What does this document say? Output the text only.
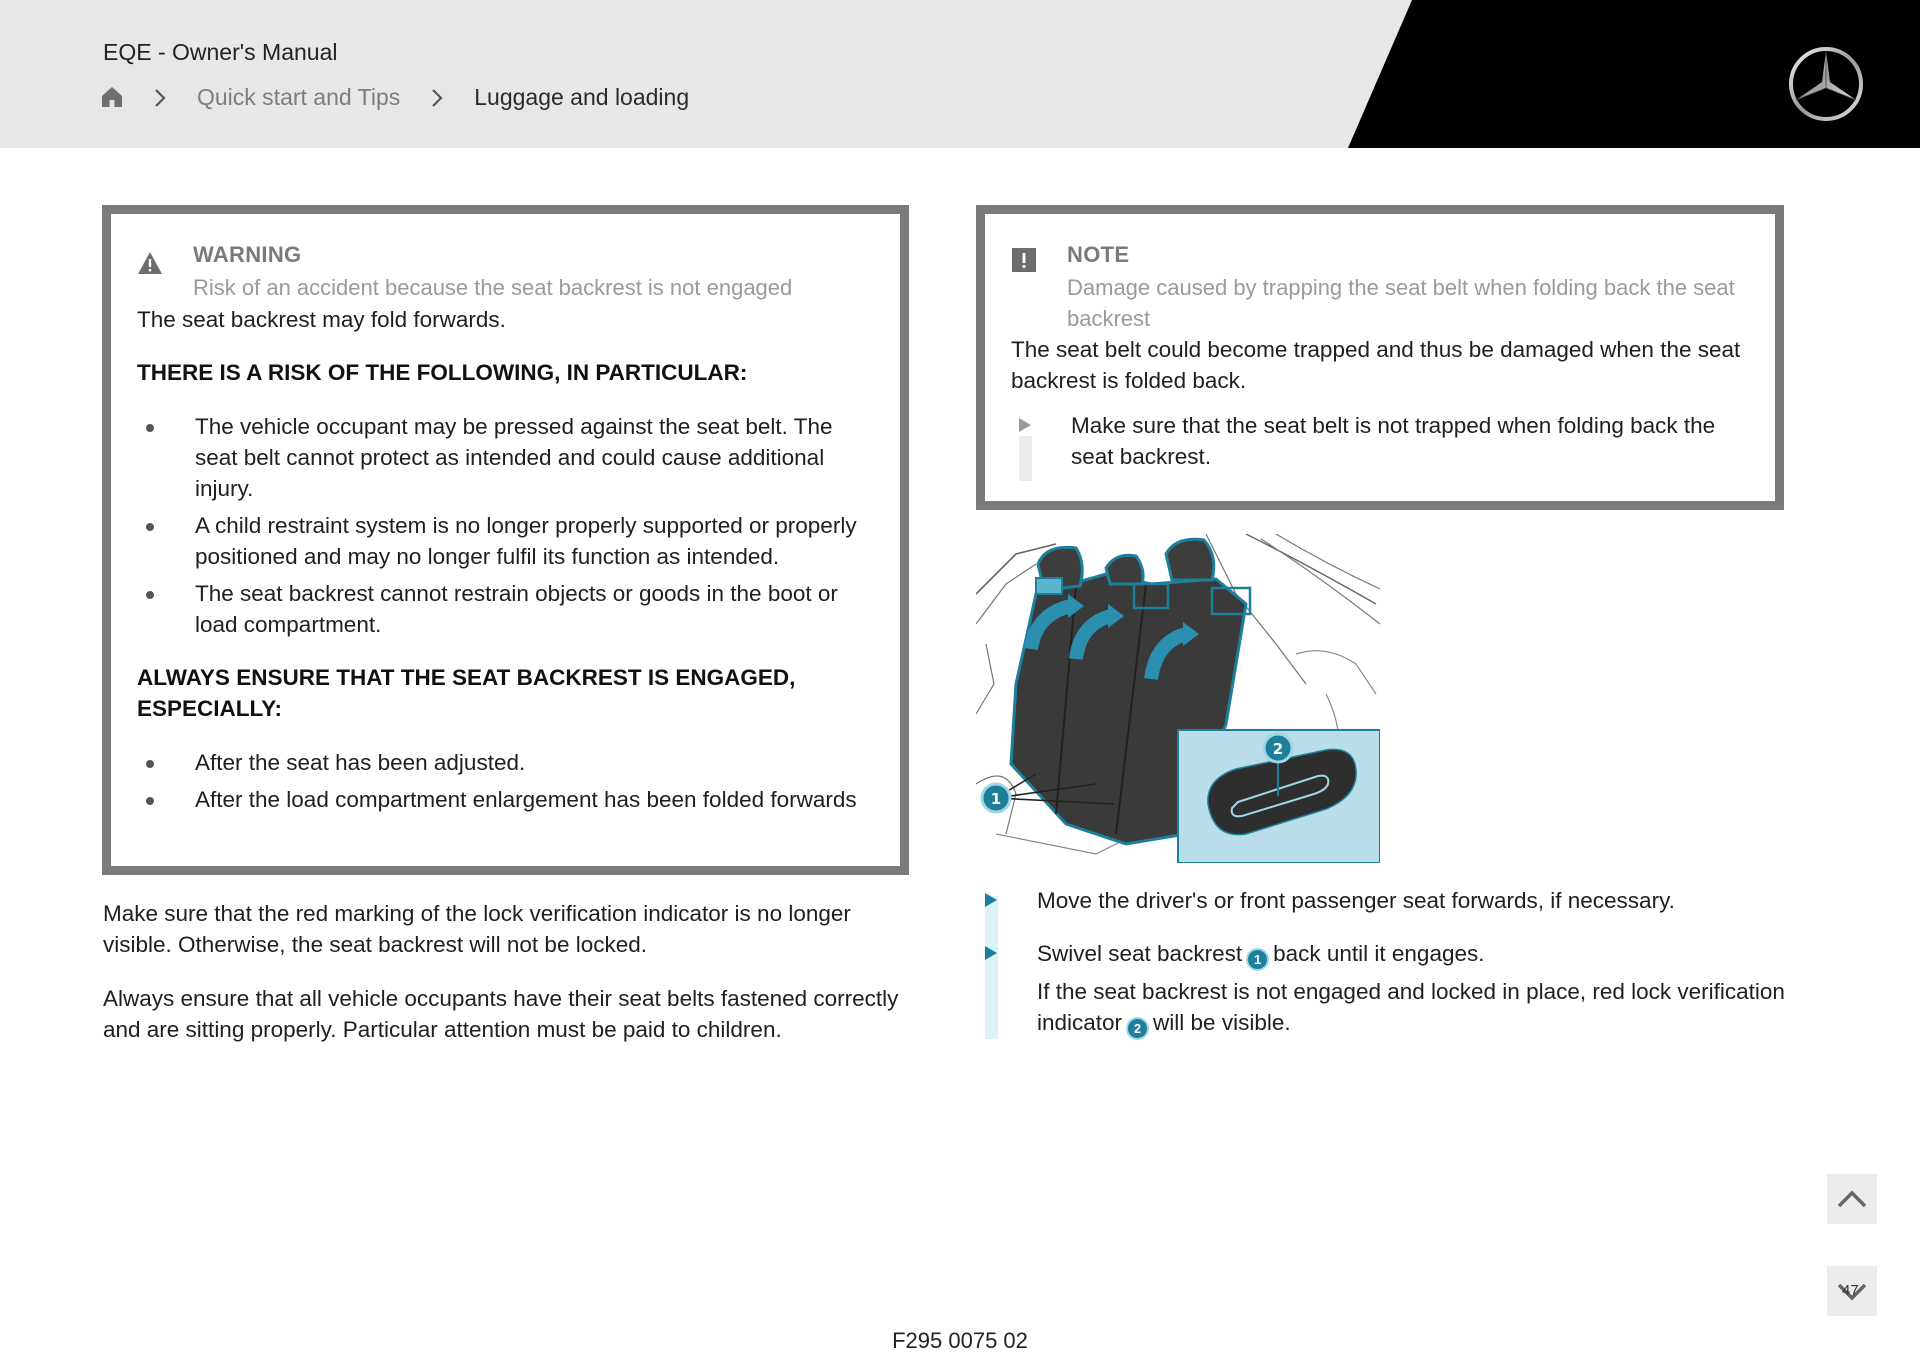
EQE - Owner's Manual
Quick start and Tips	Luggage and loading
WARNING
Risk of an accident because the seat backrest is not engaged
The seat backrest may fold forwards.
THERE IS A RISK OF THE FOLLOWING, IN PARTICULAR:
The vehicle occupant may be pressed against the seat belt. The seat belt cannot protect as intended and could cause additional injury.
A child restraint system is no longer properly supported or properly positioned and may no longer fulfil its function as intended.
The seat backrest cannot restrain objects or goods in the boot or load compartment.
ALWAYS ENSURE THAT THE SEAT BACKREST IS ENGAGED, ESPECIALLY:
After the seat has been adjusted.
After the load compartment enlargement has been folded forwards
Make sure that the red marking of the lock verification indicator is no longer visible. Otherwise, the seat backrest will not be locked.
Always ensure that all vehicle occupants have their seat belts fastened correctly and are sitting properly. Particular attention must be paid to children.
NOTE
Damage caused by trapping the seat belt when folding back the seat backrest
The seat belt could become trapped and thus be damaged when the seat backrest is folded back.
Make sure that the seat belt is not trapped when folding back the seat backrest.
1
2
Move the driver's or front passenger seat forwards, if necessary.
Swivel seat backrest 1 back until it engages.
If the seat backrest is not engaged and locked in place, red lock verification indicator 2 will be visible.
47
F295 0075 02
